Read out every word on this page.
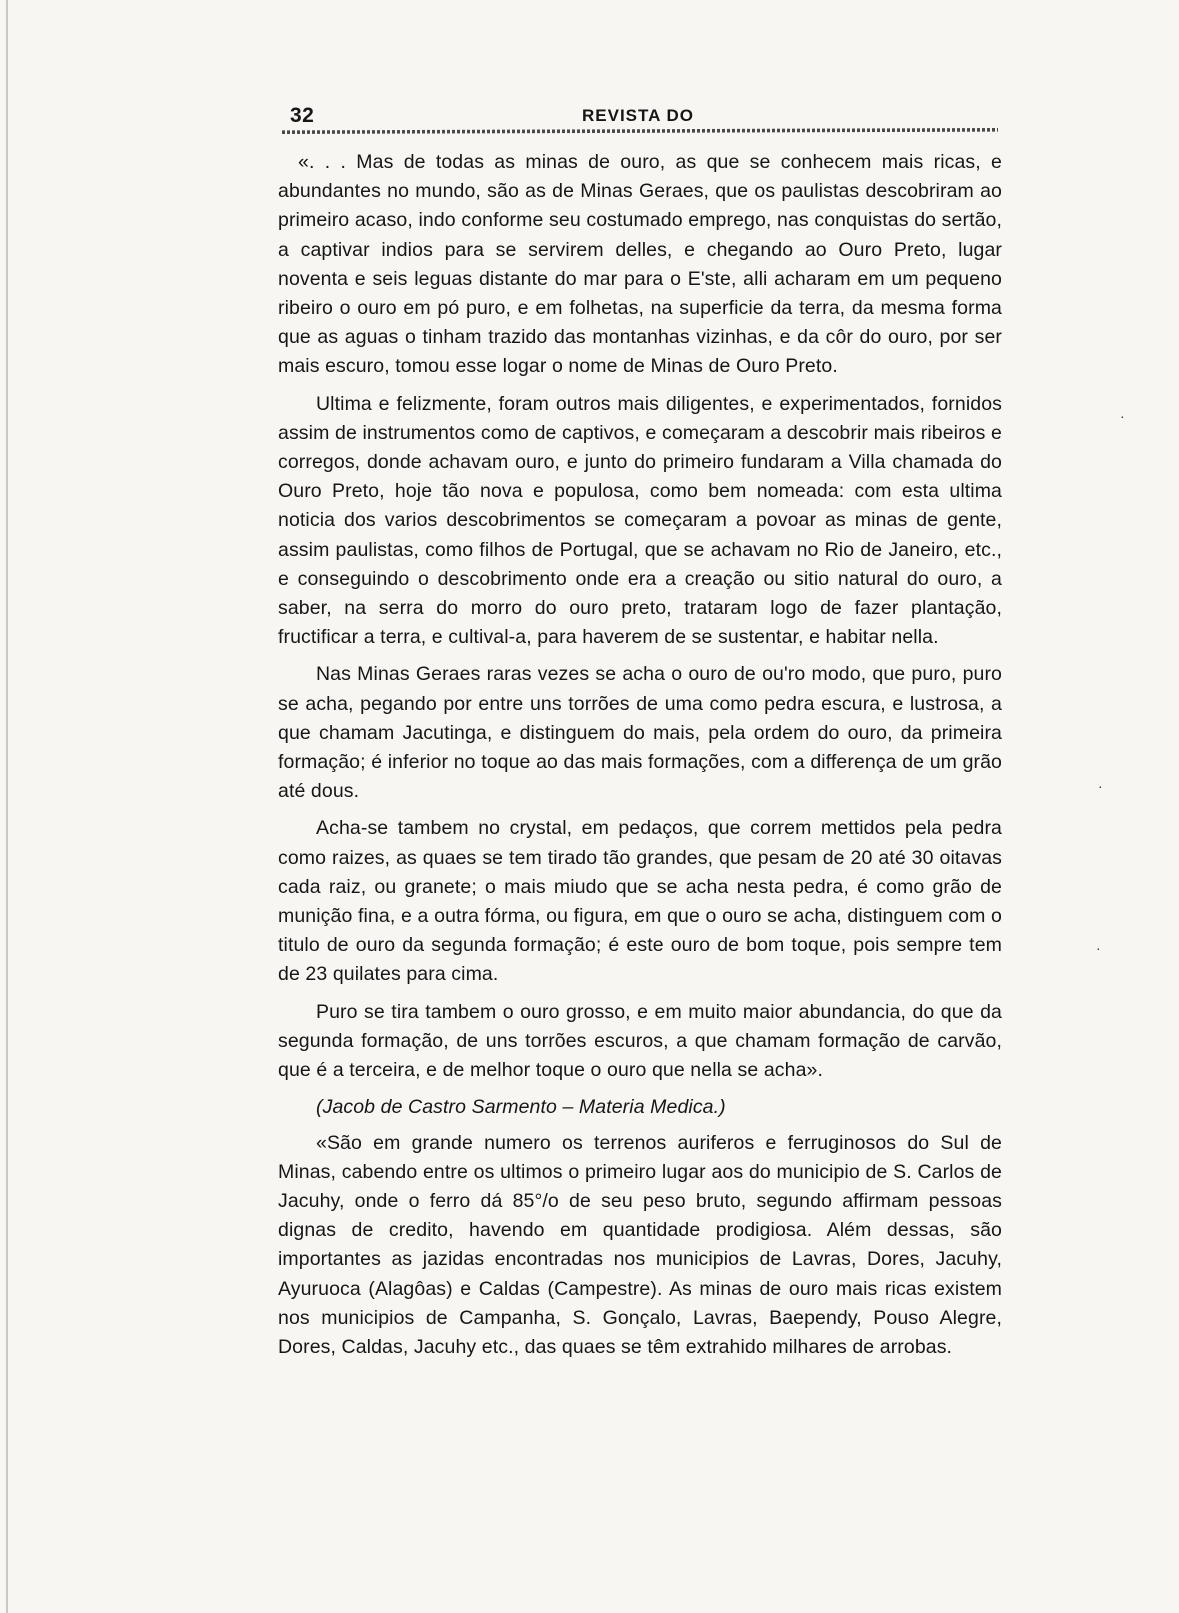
32	REVISTA DO

«. . . Mas de todas as minas de ouro, as que se conhecem mais ricas, e abundantes no mundo, são as de Minas Geraes, que os paulistas descobriram ao primeiro acaso, indo conforme seu costumado emprego, nas conquistas do sertão, a captivar indios para se servirem delles, e chegando ao Ouro Preto, lugar noventa e seis leguas distante do mar para o E'ste, alli acharam em um pequeno ribeiro o ouro em pó puro, e em folhetas, na superficie da terra, da mesma forma que as aguas o tinham trazido das montanhas vizinhas, e da côr do ouro, por ser mais escuro, tomou esse logar o nome de Minas de Ouro Preto.

Ultima e felizmente, foram outros mais diligentes, e experimentados, fornidos assim de instrumentos como de captivos, e começaram a descobrir mais ribeiros e corregos, donde achavam ouro, e junto do primeiro fundaram a Villa chamada do Ouro Preto, hoje tão nova e populosa, como bem nomeada: com esta ultima noticia dos varios descobrimentos se começaram a povoar as minas de gente, assim paulistas, como filhos de Portugal, que se achavam no Rio de Janeiro, etc., e conseguindo o descobrimento onde era a creação ou sitio natural do ouro, a saber, na serra do morro do ouro preto, trataram logo de fazer plantação, fructificar a terra, e cultival-a, para haverem de se sustentar, e habitar nella.

Nas Minas Geraes raras vezes se acha o ouro de ou'ro modo, que puro, puro se acha, pegando por entre uns torrões de uma como pedra escura, e lustrosa, a que chamam Jacutinga, e distinguem do mais, pela ordem do ouro, da primeira formação; é inferior no toque ao das mais formações, com a differença de um grão até dous.

Acha-se tambem no crystal, em pedaços, que correm mettidos pela pedra como raizes, as quaes se tem tirado tão grandes, que pesam de 20 até 30 oitavas cada raiz, ou granete; o mais miudo que se acha nesta pedra, é como grão de munição fina, e a outra fórma, ou figura, em que o ouro se acha, distinguem com o titulo de ouro da segunda formação; é este ouro de bom toque, pois sempre tem de 23 quilates para cima.

Puro se tira tambem o ouro grosso, e em muito maior abundancia, do que da segunda formação, de uns torrões escuros, a que chamam formação de carvão, que é a terceira, e de melhor toque o ouro que nella se acha».

(Jacob de Castro Sarmento – Materia Medica.)

«São em grande numero os terrenos auriferos e ferruginosos do Sul de Minas, cabendo entre os ultimos o primeiro lugar aos do municipio de S. Carlos de Jacuhy, onde o ferro dá 85°/o de seu peso bruto, segundo affirmam pessoas dignas de credito, havendo em quantidade prodigiosa. Além dessas, são importantes as jazidas encontradas nos municipios de Lavras, Dores, Jacuhy, Ayuruoca (Alagôas) e Caldas (Campestre). As minas de ouro mais ricas existem nos municipios de Campanha, S. Gonçalo, Lavras, Baependy, Pouso Alegre, Dores, Caldas, Jacuhy etc., das quaes se têm extrahido milhares de arrobas.

·
·
·
